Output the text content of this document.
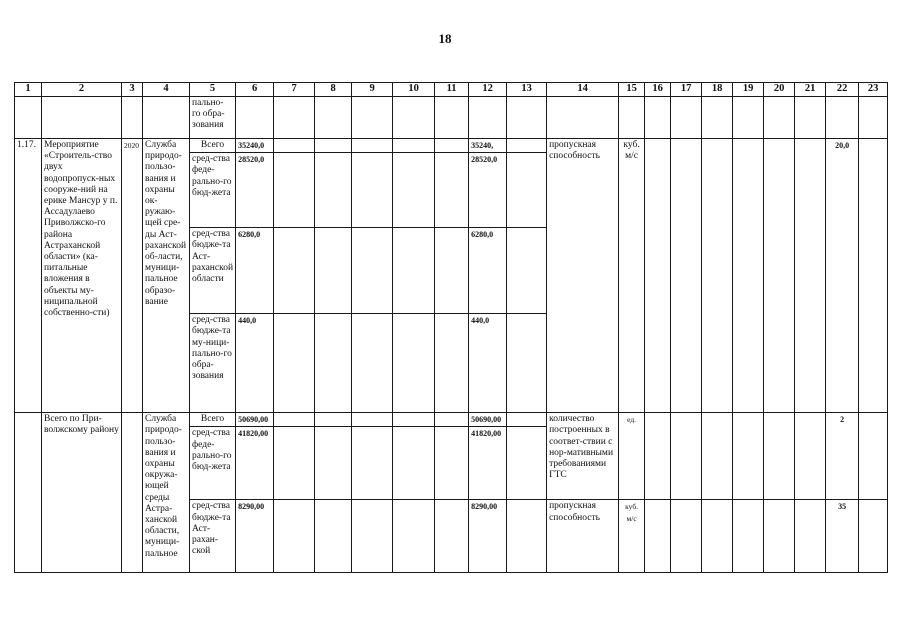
18
1	2	3	4	5	6	7	8	9	10	11	12	13	14	15	16	17	18	19	20	21	22	23
				пально-
го обра-
зования																		
1.17.	Мероприятие «Строитель-ство двух водопропуск-ных сооруже-ний на ерике Мансур у п. Ассадулаево Приволжско-го района Астраханской области» (ка-питальные вложения в объекты му-ниципальной собственно-сти)	2020	Служба природо-пользо-вания и охраны ок-ружаю-щей сре-ды Аст-раханской об-ласти, муници-пальное образо-вание	Всего	35240,0						35240,		пропускная способность	куб. м/с							20,0	
				сред-ства феде-рально-го бюд-жета	28520,0						28520,0											
				сред-ства бюдже-та Аст-раханской области	6280,0						6280,0											
				сред-ства бюдже-та му-ници-пально-го обра-зования	440,0						440,0											
	Всего по При-волжскому району		Служба природо-пользо-вания и охраны окружа-ющей среды Астра-ханской области, муници-пальное	Всего	50690,00						50690,00		количество построенных в соответ-ствии с нор-мативными требованиями ГТС	ед.							2	
				сред-ства феде-рально-го бюд-жета	41820,00						41820,00											
				сред-ства бюдже-та Аст-рахан-ской	8290,00						8290,00		пропускная способность	куб. м/с							35	
